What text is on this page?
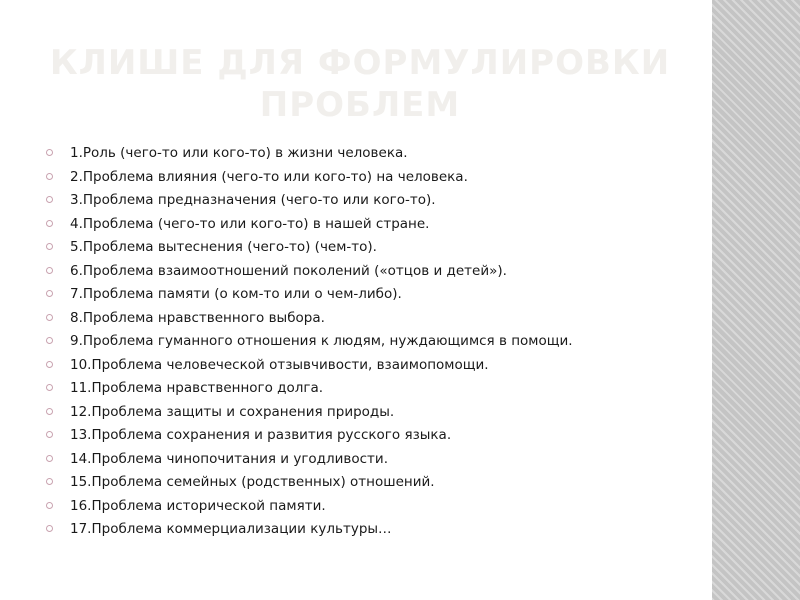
КЛИШЕ ДЛЯ ФОРМУЛИРОВКИ
ПРОБЛЕМ
1.Роль (чего-то или кого-то) в жизни человека.
2.Проблема влияния (чего-то или кого-то) на человека.
3.Проблема предназначения (чего-то или кого-то).
4.Проблема (чего-то или кого-то) в нашей стране.
5.Проблема вытеснения (чего-то) (чем-то).
6.Проблема взаимоотношений поколений («отцов и детей»).
7.Проблема памяти (о ком-то или о чем-либо).
8.Проблема нравственного выбора.
9.Проблема гуманного отношения к людям, нуждающимся в помощи.
10.Проблема человеческой отзывчивости, взаимопомощи.
11.Проблема нравственного долга.
12.Проблема защиты и сохранения природы.
13.Проблема сохранения и развития русского языка.
14.Проблема чинопочитания и угодливости.
15.Проблема семейных (родственных) отношений.
16.Проблема исторической памяти.
17.Проблема коммерциализации культуры…
